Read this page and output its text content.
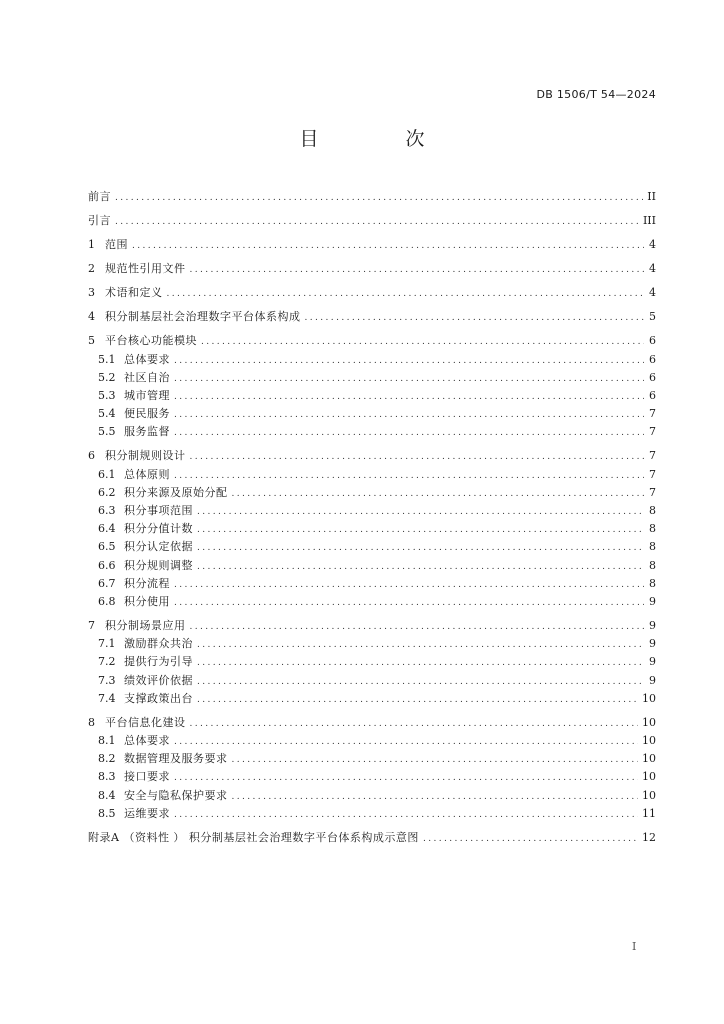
DB 1506/T 54—2024
目　次
前言 .....	II
引言 .....	III
1 范围 .....	4
2 规范性引用文件 .....	4
3 术语和定义 .....	4
4 积分制基层社会治理数字平台体系构成 .....	5
5 平台核心功能模块 .....	6
5.1 总体要求 .....	6
5.2 社区自治 .....	6
5.3 城市管理 .....	6
5.4 便民服务 .....	7
5.5 服务监督 .....	7
6 积分制规则设计 .....	7
6.1 总体原则 .....	7
6.2 积分来源及原始分配 .....	7
6.3 积分事项范围 .....	8
6.4 积分分值计数 .....	8
6.5 积分认定依据 .....	8
6.6 积分规则调整 .....	8
6.7 积分流程 .....	8
6.8 积分使用 .....	9
7 积分制场景应用 .....	9
7.1 激励群众共治 .....	9
7.2 提供行为引导 .....	9
7.3 绩效评价依据 .....	9
7.4 支撑政策出台 .....	10
8 平台信息化建设 .....	10
8.1 总体要求 .....	10
8.2 数据管理及服务要求 .....	10
8.3 接口要求 .....	10
8.4 安全与隐私保护要求 .....	10
8.5 运维要求 .....	11
附录A （资料性 ） 积分制基层社会治理数字平台体系构成示意图 .....	12
I
